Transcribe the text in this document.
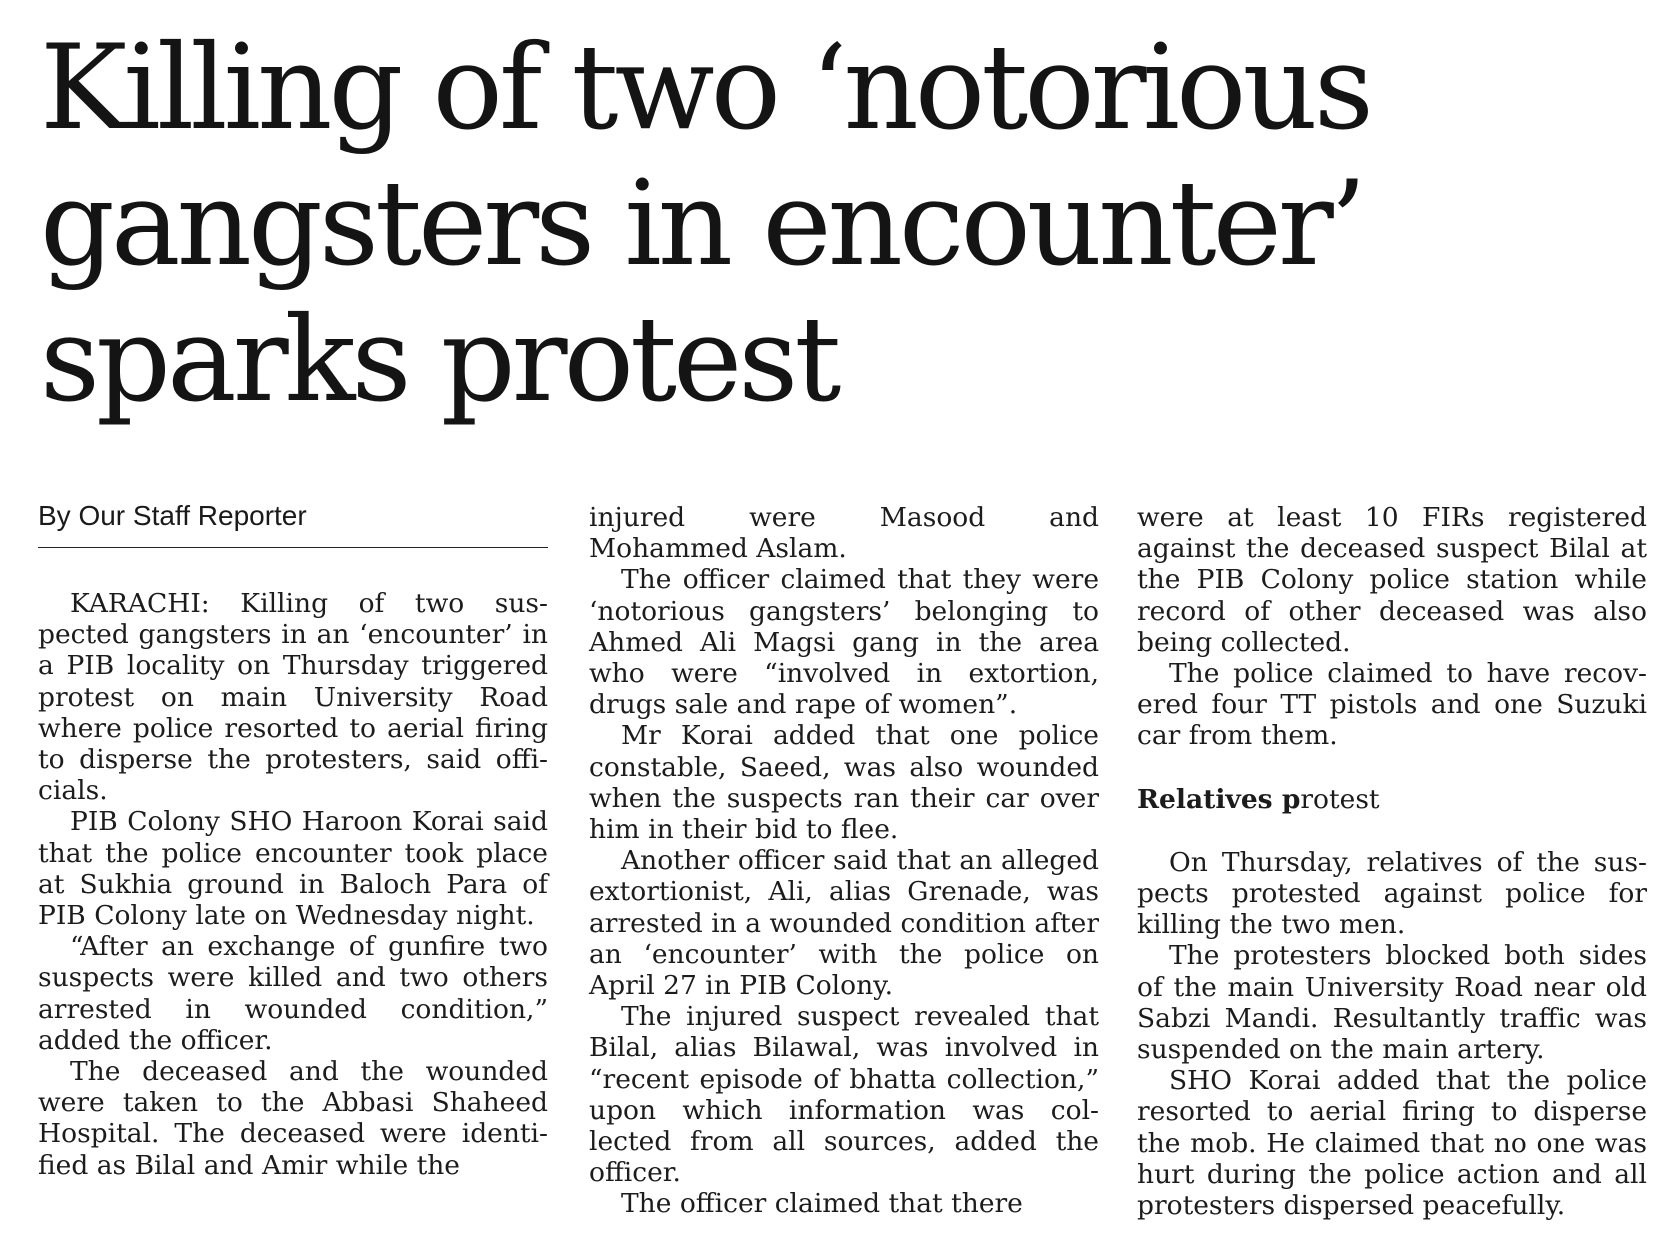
Killing of two ‘notorious
gangsters in encounter’
sparks protest
By Our Staff Reporter

KARACHI: Killing of two sus-pected gangsters in an ‘encounter’ in a PIB locality on Thursday triggered protest on main University Road where police resorted to aerial firing to disperse the protesters, said offi-cials.

PIB Colony SHO Haroon Korai said that the police encounter took place at Sukhia ground in Baloch Para of PIB Colony late on Wednesday night.

“After an exchange of gunfire two suspects were killed and two others arrested in wounded condition,” added the officer.

The deceased and the wounded were taken to the Abbasi Shaheed Hospital. The deceased were identi-fied as Bilal and Amir while the

injured were Masood and Mohammed Aslam.

The officer claimed that they were ‘notorious gangsters’ belonging to Ahmed Ali Magsi gang in the area who were “involved in extortion, drugs sale and rape of women”.

Mr Korai added that one police constable, Saeed, was also wounded when the suspects ran their car over him in their bid to flee.

Another officer said that an alleged extortionist, Ali, alias Grenade, was arrested in a wounded condition after an ‘encounter’ with the police on April 27 in PIB Colony.

The injured suspect revealed that Bilal, alias Bilawal, was involved in “recent episode of bhatta collection,” upon which information was col-lected from all sources, added the officer.

The officer claimed that there

were at least 10 FIRs registered against the deceased suspect Bilal at the PIB Colony police station while record of other deceased was also being collected.

The police claimed to have recov-ered four TT pistols and one Suzuki car from them.

Relatives protest

On Thursday, relatives of the sus-pects protested against police for killing the two men.

The protesters blocked both sides of the main University Road near old Sabzi Mandi. Resultantly traffic was suspended on the main artery.

SHO Korai added that the police resorted to aerial firing to disperse the mob. He claimed that no one was hurt during the police action and all protesters dispersed peacefully.
